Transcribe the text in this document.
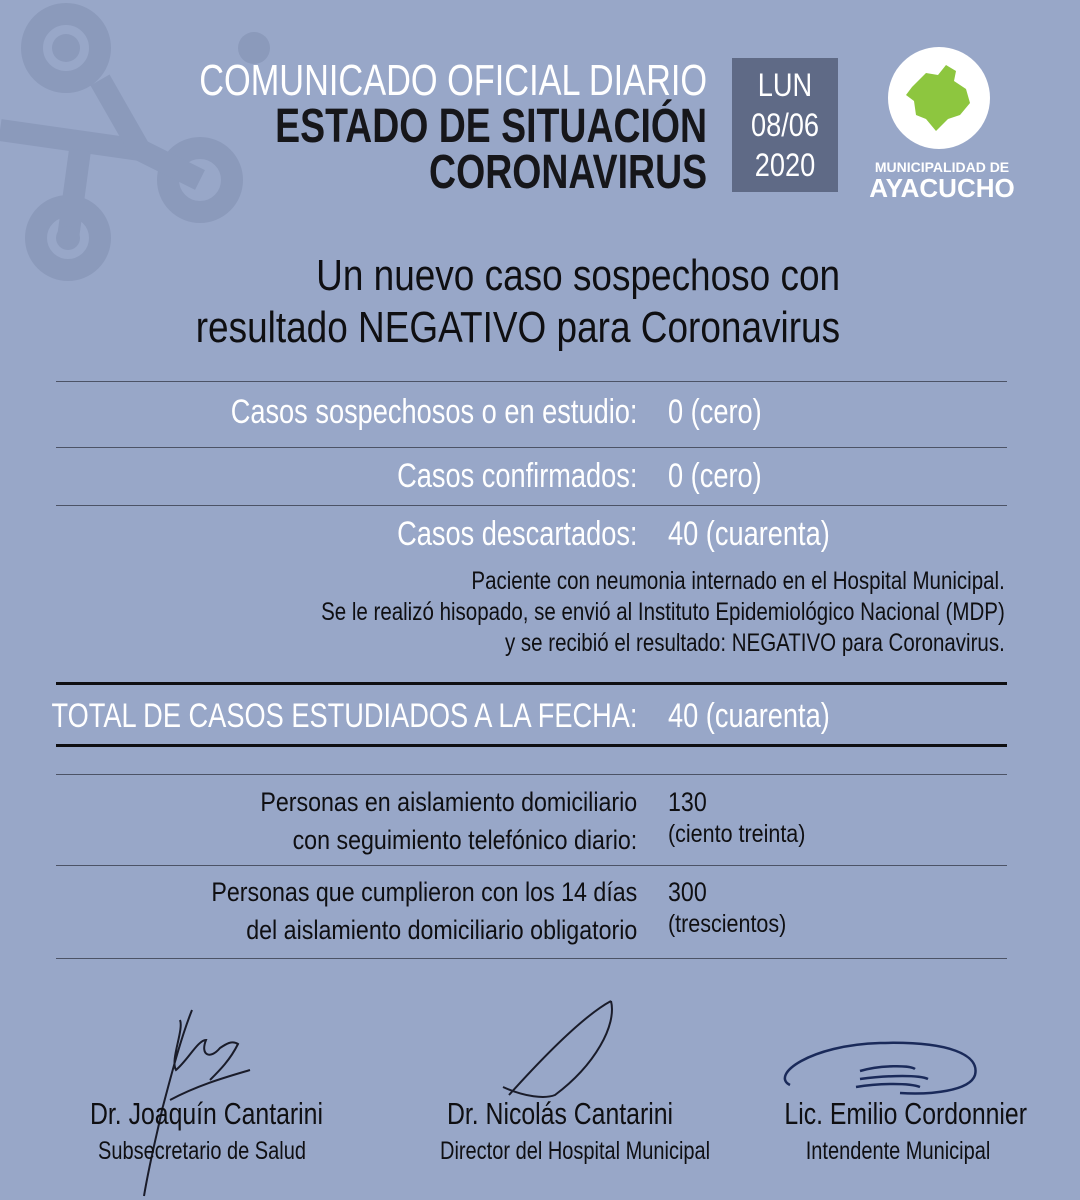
COMUNICADO OFICIAL DIARIO
ESTADO DE SITUACIÓN
CORONAVIRUS
LUN
08/06
2020	MUNICIPALIDAD DE
AYACUCHO
Un nuevo caso sospechoso con
resultado NEGATIVO para Coronavirus
Casos sospechosos o en estudio: 0 (cero)
Casos confirmados: 0 (cero)
Casos descartados: 40 (cuarenta)
Paciente con neumonia internado en el Hospital Municipal.
Se le realizó hisopado, se envió al Instituto Epidemiológico Nacional (MDP)
y se recibió el resultado: NEGATIVO para Coronavirus.
TOTAL DE CASOS ESTUDIADOS A LA FECHA: 40 (cuarenta)
Personas en aislamiento domiciliario
con seguimiento telefónico diario:
130
(ciento treinta)
Personas que cumplieron con los 14 días
del aislamiento domiciliario obligatorio
300
(trescientos)
Dr. Joaquín Cantarini
Subsecretario de Salud
Dr. Nicolás Cantarini
Director del Hospital Municipal
Lic. Emilio Cordonnier
Intendente Municipal
